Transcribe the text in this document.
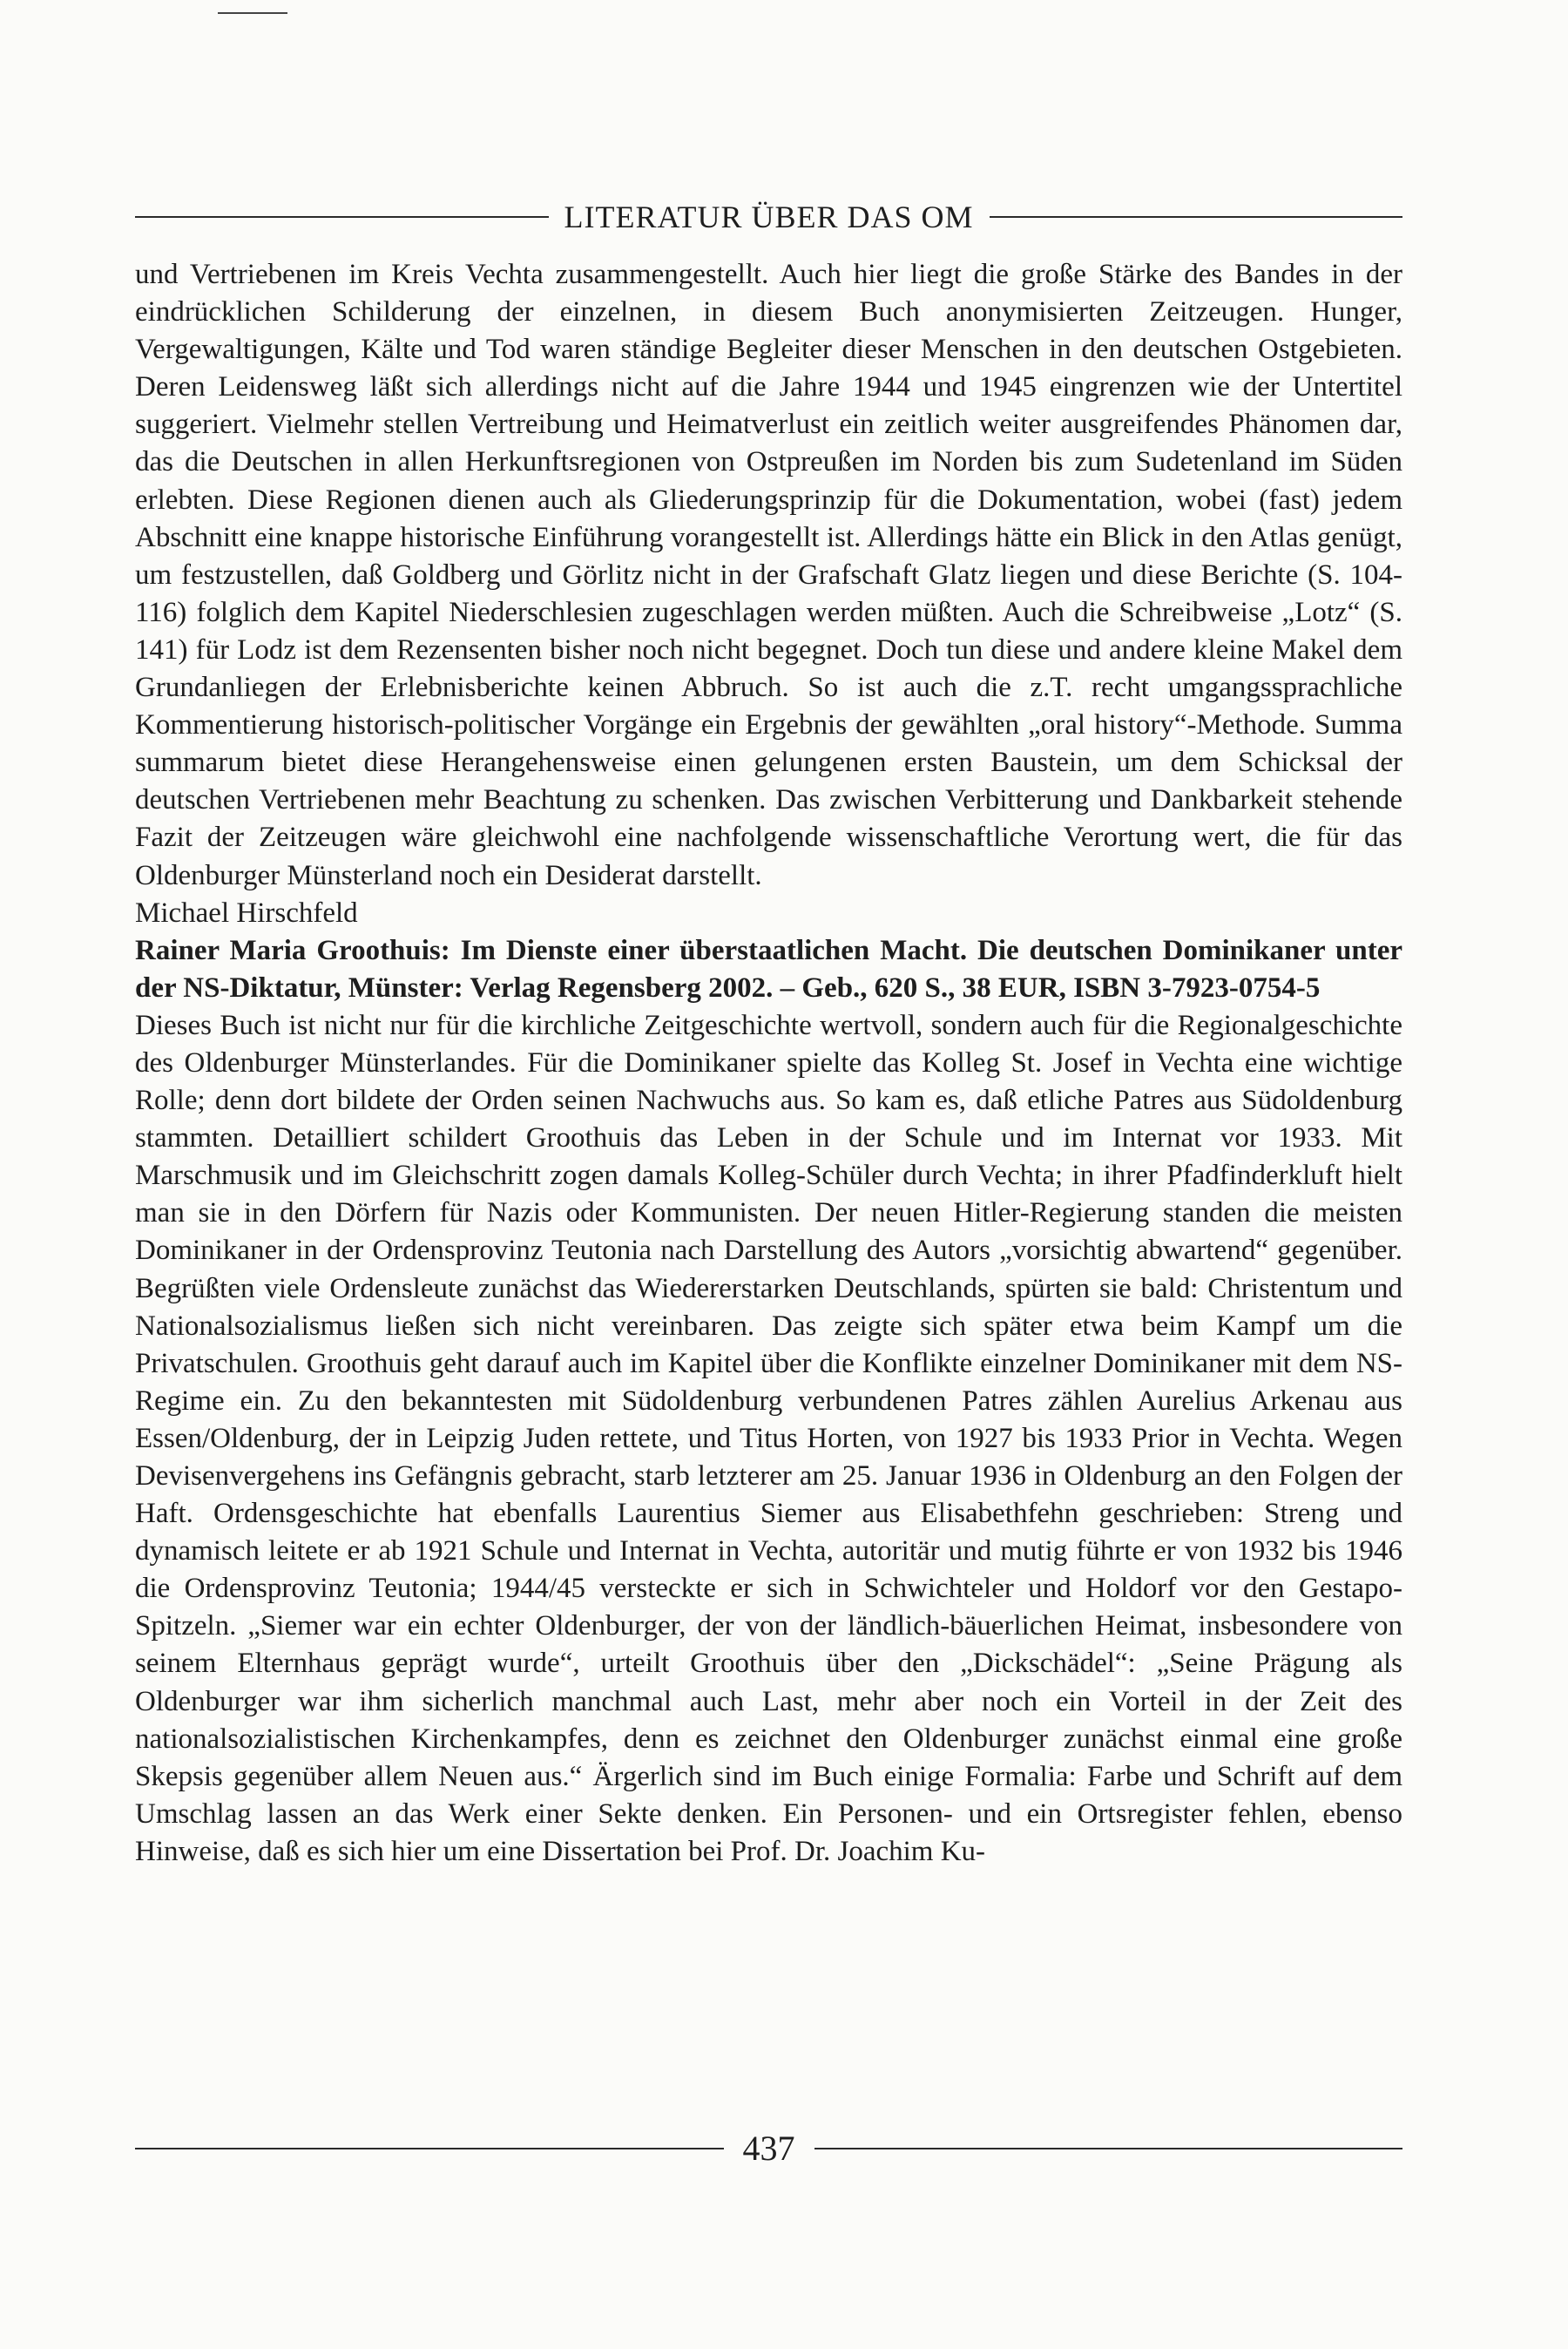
LITERATUR ÜBER DAS OM

und Vertriebenen im Kreis Vechta zusammengestellt. Auch hier liegt die große Stärke des Bandes in der eindrücklichen Schilderung der einzelnen, in diesem Buch anonymisierten Zeitzeugen. Hunger, Vergewaltigungen, Kälte und Tod waren ständige Begleiter dieser Menschen in den deutschen Ostgebieten. Deren Leidensweg läßt sich allerdings nicht auf die Jahre 1944 und 1945 eingrenzen wie der Untertitel suggeriert. Vielmehr stellen Vertreibung und Heimatverlust ein zeitlich weiter ausgreifendes Phänomen dar, das die Deutschen in allen Herkunftsregionen von Ostpreußen im Norden bis zum Sudetenland im Süden erlebten. Diese Regionen dienen auch als Gliederungsprinzip für die Dokumentation, wobei (fast) jedem Abschnitt eine knappe historische Einführung vorangestellt ist. Allerdings hätte ein Blick in den Atlas genügt, um festzustellen, daß Goldberg und Görlitz nicht in der Grafschaft Glatz liegen und diese Berichte (S. 104-116) folglich dem Kapitel Niederschlesien zugeschlagen werden müßten. Auch die Schreibweise „Lotz“ (S. 141) für Lodz ist dem Rezensenten bisher noch nicht begegnet. Doch tun diese und andere kleine Makel dem Grundanliegen der Erlebnisberichte keinen Abbruch. So ist auch die z.T. recht umgangssprachliche Kommentierung historisch-politischer Vorgänge ein Ergebnis der gewählten „oral history“-Methode. Summa summarum bietet diese Herangehensweise einen gelungenen ersten Baustein, um dem Schicksal der deutschen Vertriebenen mehr Beachtung zu schenken. Das zwischen Verbitterung und Dankbarkeit stehende Fazit der Zeitzeugen wäre gleichwohl eine nachfolgende wissenschaftliche Verortung wert, die für das Oldenburger Münsterland noch ein Desiderat darstellt.

Michael Hirschfeld

Rainer Maria Groothuis: Im Dienste einer überstaatlichen Macht. Die deutschen Dominikaner unter der NS-Diktatur, Münster: Verlag Regensberg 2002. – Geb., 620 S., 38 EUR, ISBN 3-7923-0754-5

Dieses Buch ist nicht nur für die kirchliche Zeitgeschichte wertvoll, sondern auch für die Regionalgeschichte des Oldenburger Münsterlandes. Für die Dominikaner spielte das Kolleg St. Josef in Vechta eine wichtige Rolle; denn dort bildete der Orden seinen Nachwuchs aus. So kam es, daß etliche Patres aus Südoldenburg stammten. Detailliert schildert Groothuis das Leben in der Schule und im Internat vor 1933. Mit Marschmusik und im Gleichschritt zogen damals Kolleg-Schüler durch Vechta; in ihrer Pfadfinderkluft hielt man sie in den Dörfern für Nazis oder Kommunisten. Der neuen Hitler-Regierung standen die meisten Dominikaner in der Ordensprovinz Teutonia nach Darstellung des Autors „vorsichtig abwartend“ gegenüber. Begrüßten viele Ordensleute zunächst das Wiedererstarken Deutschlands, spürten sie bald: Christentum und Nationalsozialismus ließen sich nicht vereinbaren. Das zeigte sich später etwa beim Kampf um die Privatschulen. Groothuis geht darauf auch im Kapitel über die Konflikte einzelner Dominikaner mit dem NS-Regime ein. Zu den bekanntesten mit Südoldenburg verbundenen Patres zählen Aurelius Arkenau aus Essen/Oldenburg, der in Leipzig Juden rettete, und Titus Horten, von 1927 bis 1933 Prior in Vechta. Wegen Devisenvergehens ins Gefängnis gebracht, starb letzterer am 25. Januar 1936 in Oldenburg an den Folgen der Haft. Ordensgeschichte hat ebenfalls Laurentius Siemer aus Elisabethfehn geschrieben: Streng und dynamisch leitete er ab 1921 Schule und Internat in Vechta, autoritär und mutig führte er von 1932 bis 1946 die Ordensprovinz Teutonia; 1944/45 versteckte er sich in Schwichteler und Holdorf vor den Gestapo-Spitzeln. „Siemer war ein echter Oldenburger, der von der ländlich-bäuerlichen Heimat, insbesondere von seinem Elternhaus geprägt wurde“, urteilt Groothuis über den „Dickschädel“: „Seine Prägung als Oldenburger war ihm sicherlich manchmal auch Last, mehr aber noch ein Vorteil in der Zeit des nationalsozialistischen Kirchenkampfes, denn es zeichnet den Oldenburger zunächst einmal eine große Skepsis gegenüber allem Neuen aus.“ Ärgerlich sind im Buch einige Formalia: Farbe und Schrift auf dem Umschlag lassen an das Werk einer Sekte denken. Ein Personen- und ein Ortsregister fehlen, ebenso Hinweise, daß es sich hier um eine Dissertation bei Prof. Dr. Joachim Ku-

437
